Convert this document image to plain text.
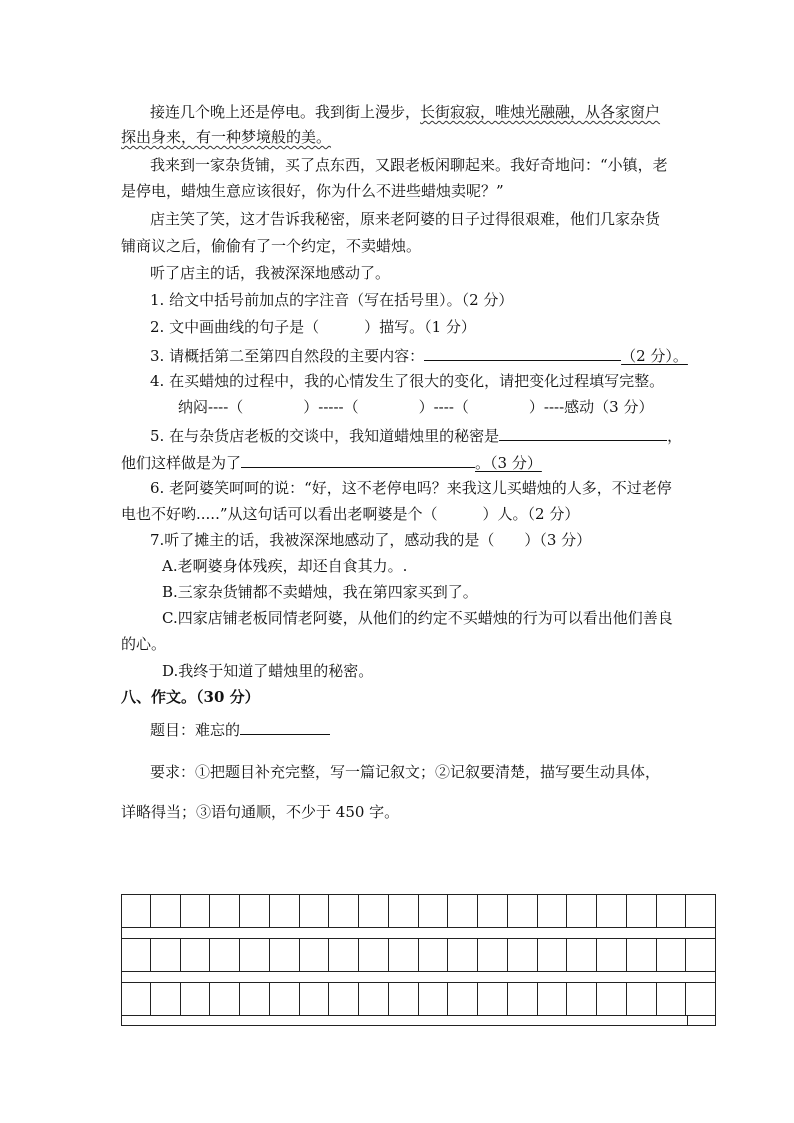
接连几个晚上还是停电。我到街上漫步，长街寂寂，唯烛光融融，从各家窗户
探出身来，有一种梦境般的美。
我来到一家杂货铺，买了点东西，又跟老板闲聊起来。我好奇地问：“小镇，老
是停电，蜡烛生意应该很好，你为什么不进些蜡烛卖呢？”
店主笑了笑，这才告诉我秘密，原来老阿婆的日子过得很艰难，他们几家杂货
铺商议之后，偷偷有了一个约定，不卖蜡烛。
听了店主的话，我被深深地感动了。
1. 给文中括号前加点的字注音（写在括号里）。（2 分）
2. 文中画曲线的句子是（　　　）描写。（1 分）
3. 请概括第二至第四自然段的主要内容：	（2 分）。
4. 在买蜡烛的过程中，我的心情发生了很大的变化，请把变化过程填写完整。
纳闷----（　　　　）-----（　　　　）----（　　　　）----感动（3 分）
5. 在与杂货店老板的交谈中，我知道蜡烛里的秘密是	，
他们这样做是为了	。（3 分）
6. 老阿婆笑呵呵的说：“好，这不老停电吗？来我这儿买蜡烛的人多，不过老停
电也不好哟.....”从这句话可以看出老啊婆是个（　　　）人。（2 分）
7.听了摊主的话，我被深深地感动了，感动我的是（　　）（3 分）
A.老啊婆身体残疾，却还自食其力。.
B.三家杂货铺都不卖蜡烛，我在第四家买到了。
C.四家店铺老板同情老阿婆，从他们的约定不买蜡烛的行为可以看出他们善良
的心。
D.我终于知道了蜡烛里的秘密。
八、作文。（30 分）
题目：难忘的
要求：①把题目补充完整，写一篇记叙文；②记叙要清楚，描写要生动具体，
详略得当；③语句通顺，不少于 450 字。
